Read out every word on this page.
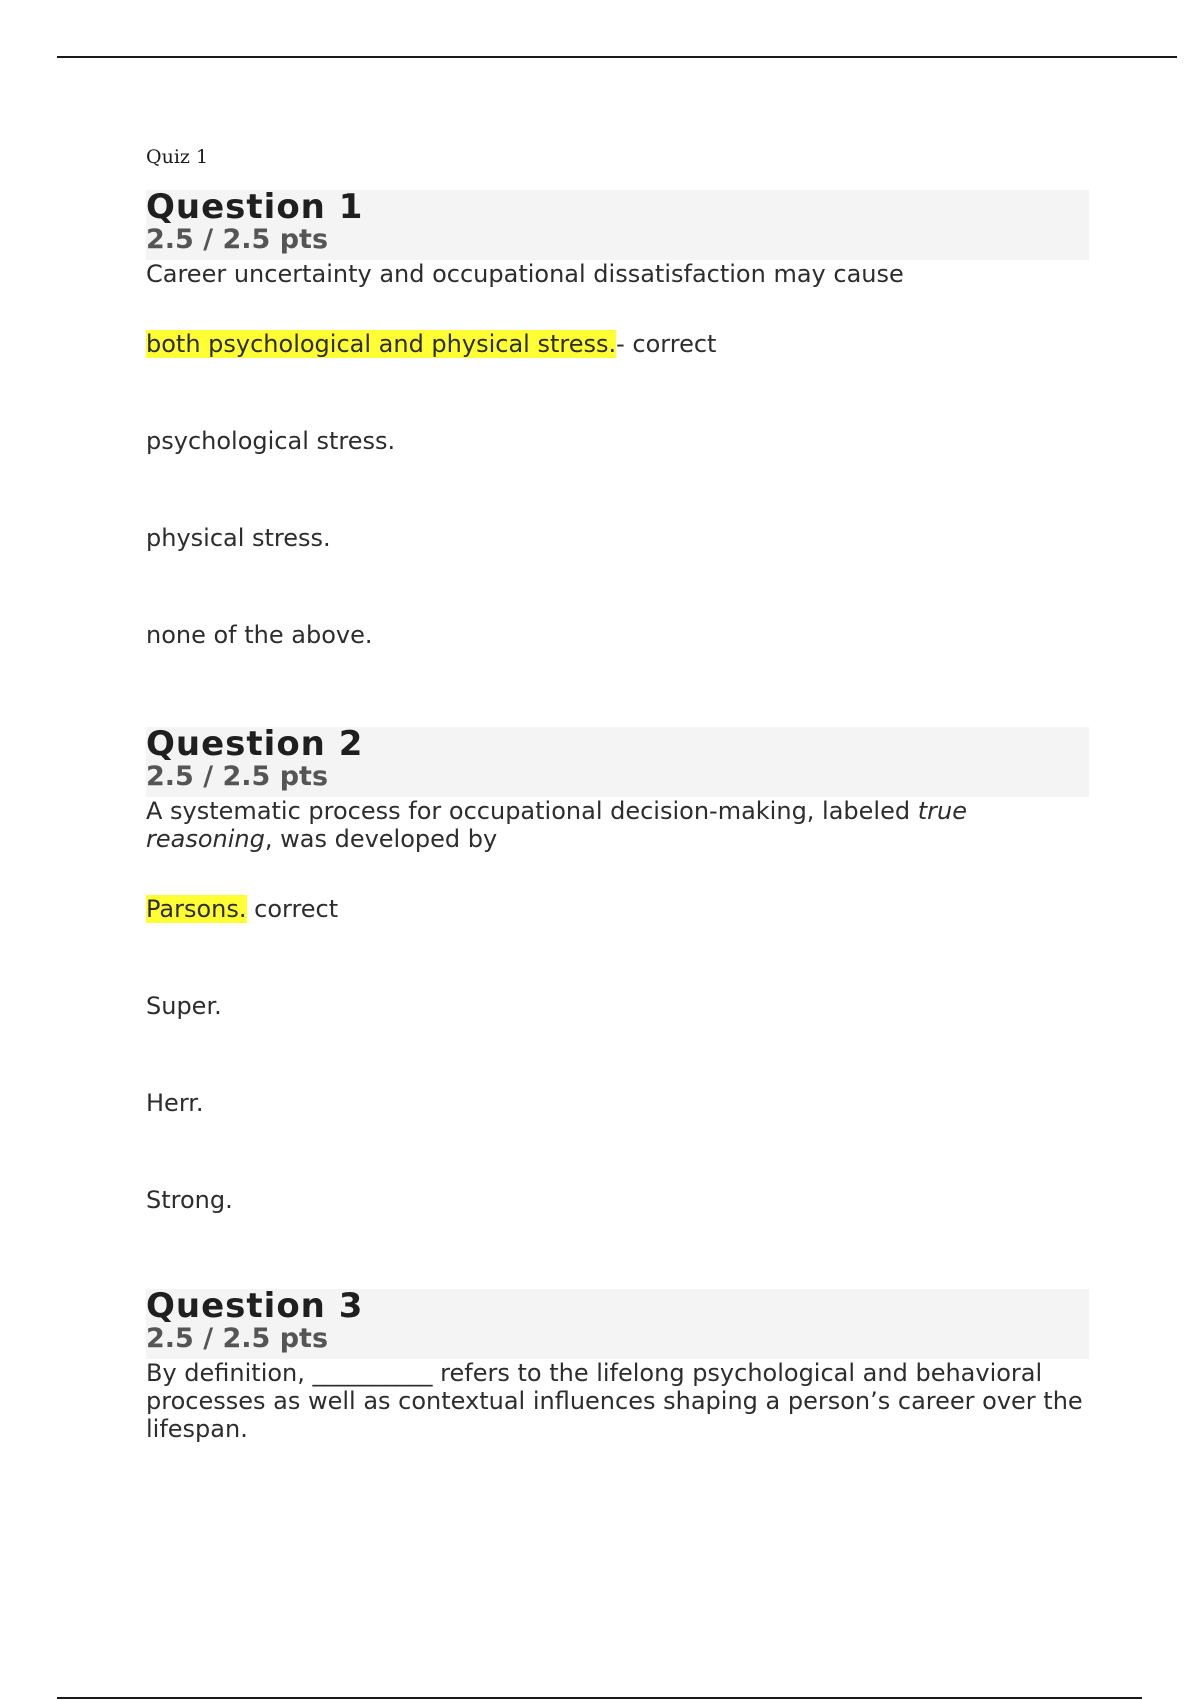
Quiz 1
Question 1
2.5 / 2.5 pts

Career uncertainty and occupational dissatisfaction may cause

both psychological and physical stress.- correct
psychological stress.
physical stress.
none of the above.
Question 2
2.5 / 2.5 pts

A systematic process for occupational decision-making, labeled true reasoning, was developed by

Parsons. correct
Super.
Herr.
Strong.
Question 3
2.5 / 2.5 pts

By definition, __________ refers to the lifelong psychological and behavioral processes as well as contextual influences shaping a person’s career over the lifespan.
